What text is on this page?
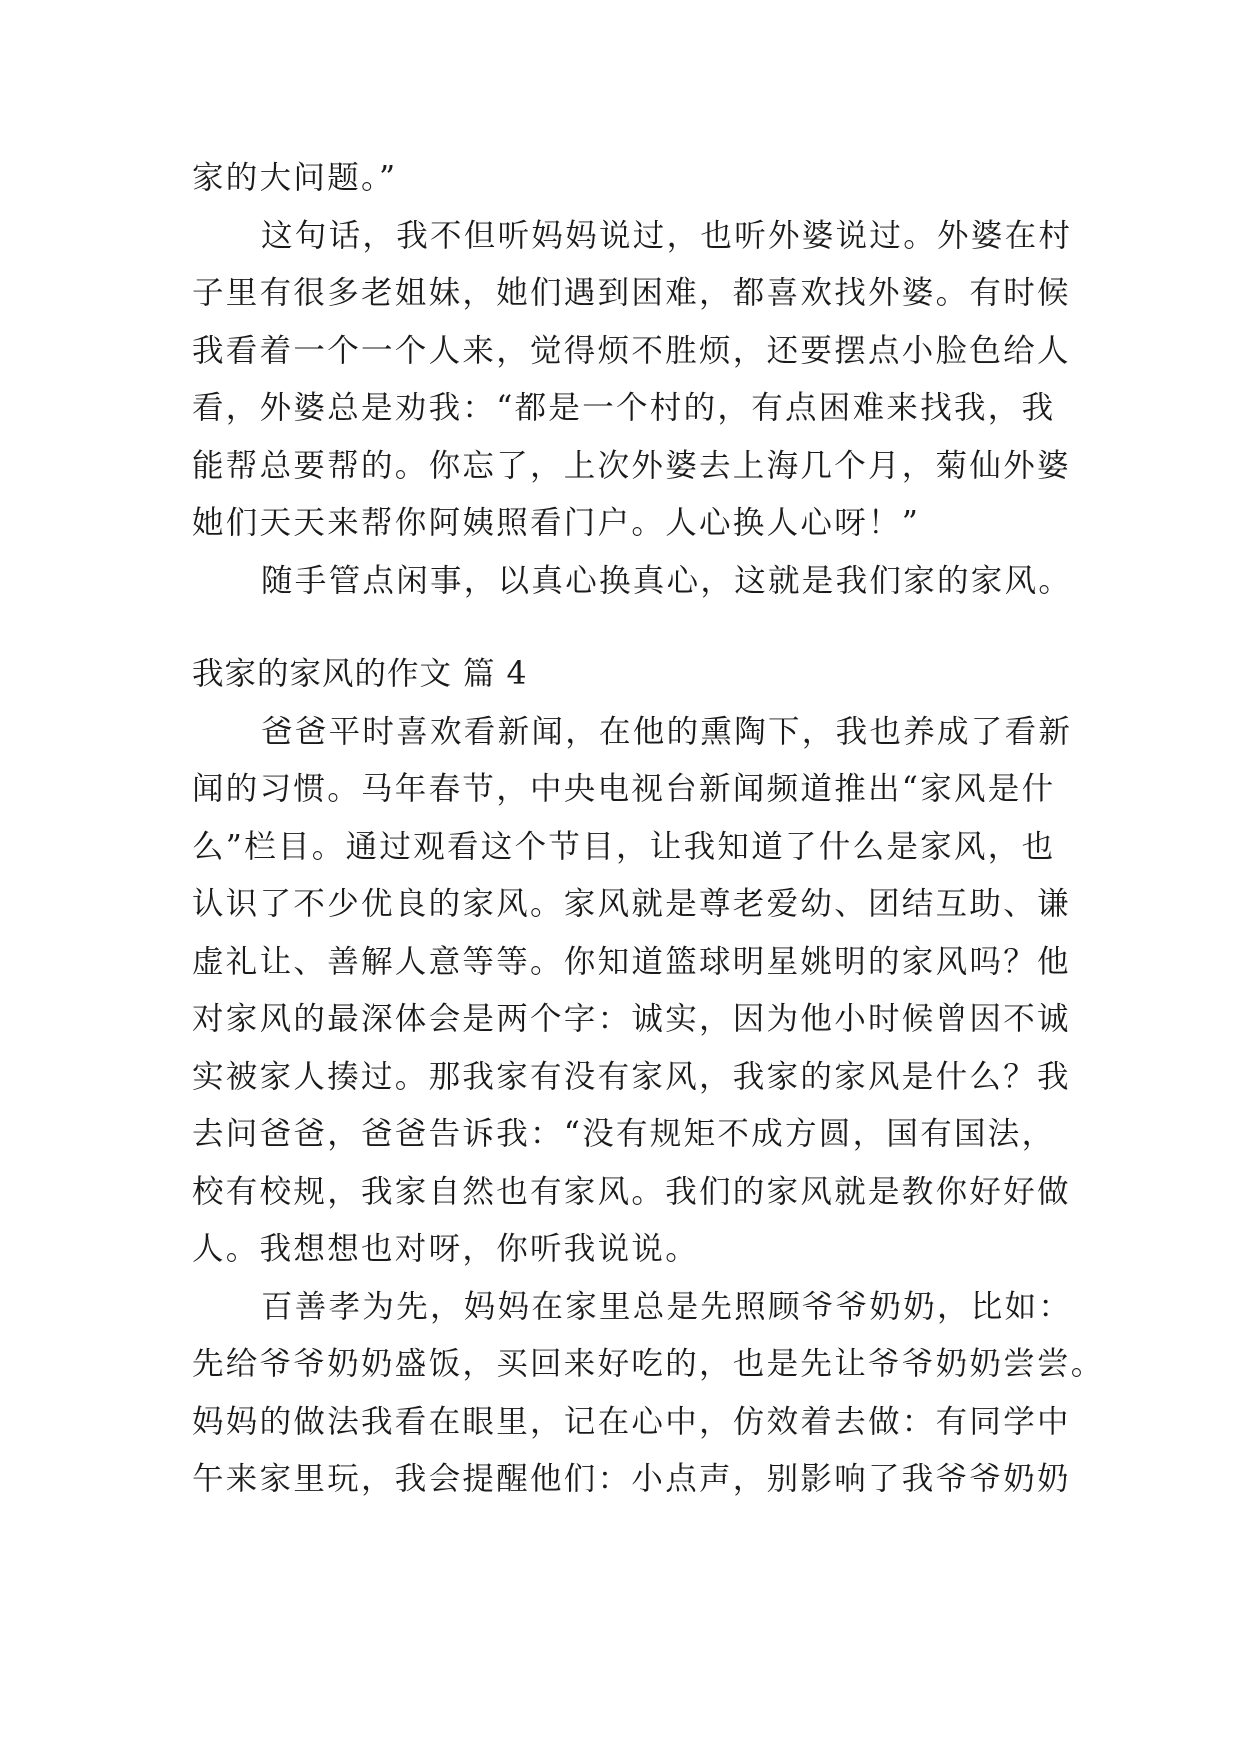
家的大问题。”
这句话，我不但听妈妈说过，也听外婆说过。外婆在村
子里有很多老姐妹，她们遇到困难，都喜欢找外婆。有时候
我看着一个一个人来，觉得烦不胜烦，还要摆点小脸色给人
看，外婆总是劝我：“都是一个村的，有点困难来找我，我
能帮总要帮的。你忘了，上次外婆去上海几个月，菊仙外婆
她们天天来帮你阿姨照看门户。人心换人心呀！”
随手管点闲事，以真心换真心，这就是我们家的家风。
我家的家风的作文 篇 4
爸爸平时喜欢看新闻，在他的熏陶下，我也养成了看新
闻的习惯。马年春节，中央电视台新闻频道推出“家风是什
么”栏目。通过观看这个节目，让我知道了什么是家风，也
认识了不少优良的家风。家风就是尊老爱幼、团结互助、谦
虚礼让、善解人意等等。你知道篮球明星姚明的家风吗？他
对家风的最深体会是两个字：诚实，因为他小时候曾因不诚
实被家人揍过。那我家有没有家风，我家的家风是什么？我
去问爸爸，爸爸告诉我：“没有规矩不成方圆，国有国法，
校有校规，我家自然也有家风。我们的家风就是教你好好做
人。我想想也对呀，你听我说说。
百善孝为先，妈妈在家里总是先照顾爷爷奶奶，比如：
先给爷爷奶奶盛饭，买回来好吃的，也是先让爷爷奶奶尝尝。
妈妈的做法我看在眼里，记在心中，仿效着去做：有同学中
午来家里玩，我会提醒他们：小点声，别影响了我爷爷奶奶
